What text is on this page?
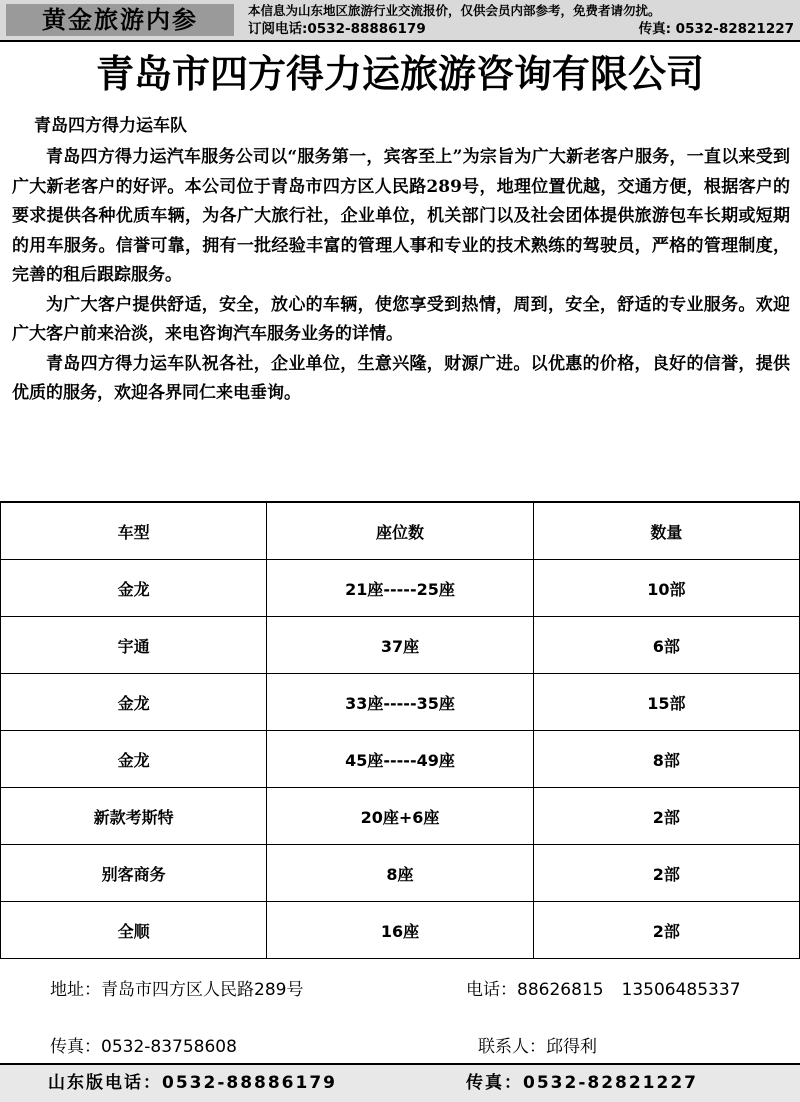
黄金旅游内参	本信息为山东地区旅游行业交流报价，仅供会员内部参考，免费者请勿扰。
订阅电话:0532-88886179	传真: 0532-82821227
青岛市四方得力运旅游咨询有限公司
青岛四方得力运车队

青岛四方得力运汽车服务公司以“服务第一，宾客至上”为宗旨为广大新老客户服务，一直以来受到广大新老客户的好评。本公司位于青岛市四方区人民路289号，地理位置优越，交通方便，根据客户的要求提供各种优质车辆，为各广大旅行社，企业单位，机关部门以及社会团体提供旅游包车长期或短期的用车服务。信誉可靠，拥有一批经验丰富的管理人事和专业的技术熟练的驾驶员，严格的管理制度，完善的租后跟踪服务。

为广大客户提供舒适，安全，放心的车辆，使您享受到热情，周到，安全，舒适的专业服务。欢迎广大客户前来洽淡，来电咨询汽车服务业务的详情。

青岛四方得力运车队祝各社，企业单位，生意兴隆，财源广进。以优惠的价格，良好的信誉，提供优质的服务，欢迎各界同仁来电垂询。

车型	座位数	数量
金龙	21座-----25座	10部
宇通	37座	6部
金龙	33座-----35座	15部
金龙	45座-----49座	8部
新款考斯特	20座+6座	2部
别客商务	8座	2部
全顺	16座	2部
地址：青岛市四方区人民路289号	电话：88626815 13506485337
传真：0532-83758608	联系人：邱得利
山东版电话：0532-88886179	传真：0532-82821227
